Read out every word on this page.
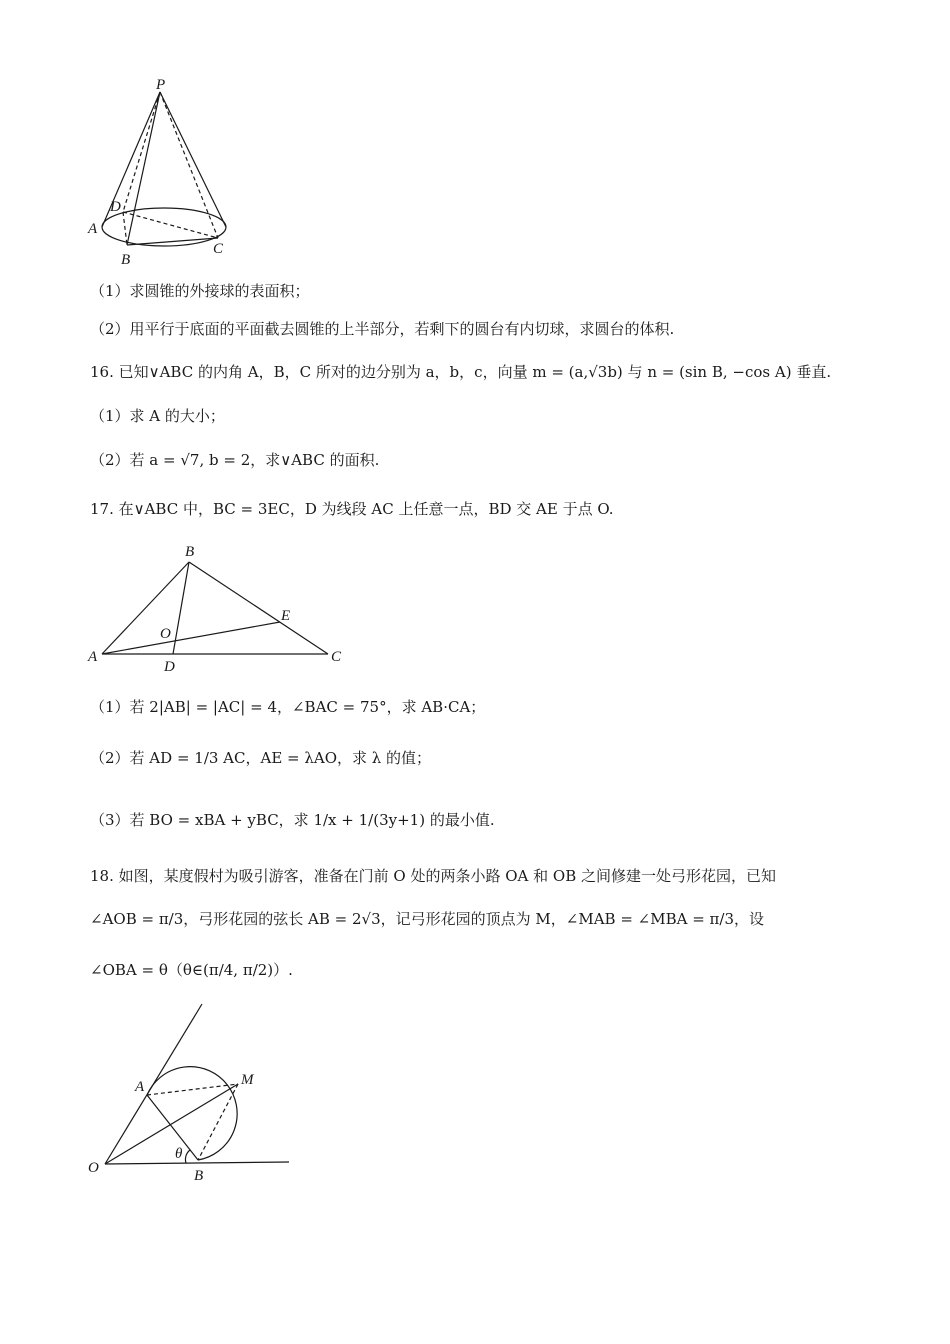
P
D
A
B
C
（1）求圆锥的外接球的表面积；
（2）用平行于底面的平面截去圆锥的上半部分，若剩下的圆台有内切球，求圆台的体积.
16. 已知∨ABC 的内角 A，B，C 所对的边分别为 a，b，c，向量 m = (a,√3b) 与 n = (sin B, −cos A) 垂直.
（1）求 A 的大小；
（2）若 a = √7, b = 2，求∨ABC 的面积.
17. 在∨ABC 中，BC = 3EC，D 为线段 AC 上任意一点，BD 交 AE 于点 O.
B
E
O
A
D
C
（1）若 2|AB| = |AC| = 4，∠BAC = 75°，求 AB·CA；
（2）若 AD = 1/3 AC，AE = λAO，求 λ 的值；
（3）若 BO = xBA + yBC，求 1/x + 1/(3y+1) 的最小值.
18. 如图，某度假村为吸引游客，准备在门前 O 处的两条小路 OA 和 OB 之间修建一处弓形花园，已知
∠AOB = π/3，弓形花园的弦长 AB = 2√3，记弓形花园的顶点为 M，∠MAB = ∠MBA = π/3，设
∠OBA = θ（θ∈(π/4, π/2)）.
A	M
O	B
θ
